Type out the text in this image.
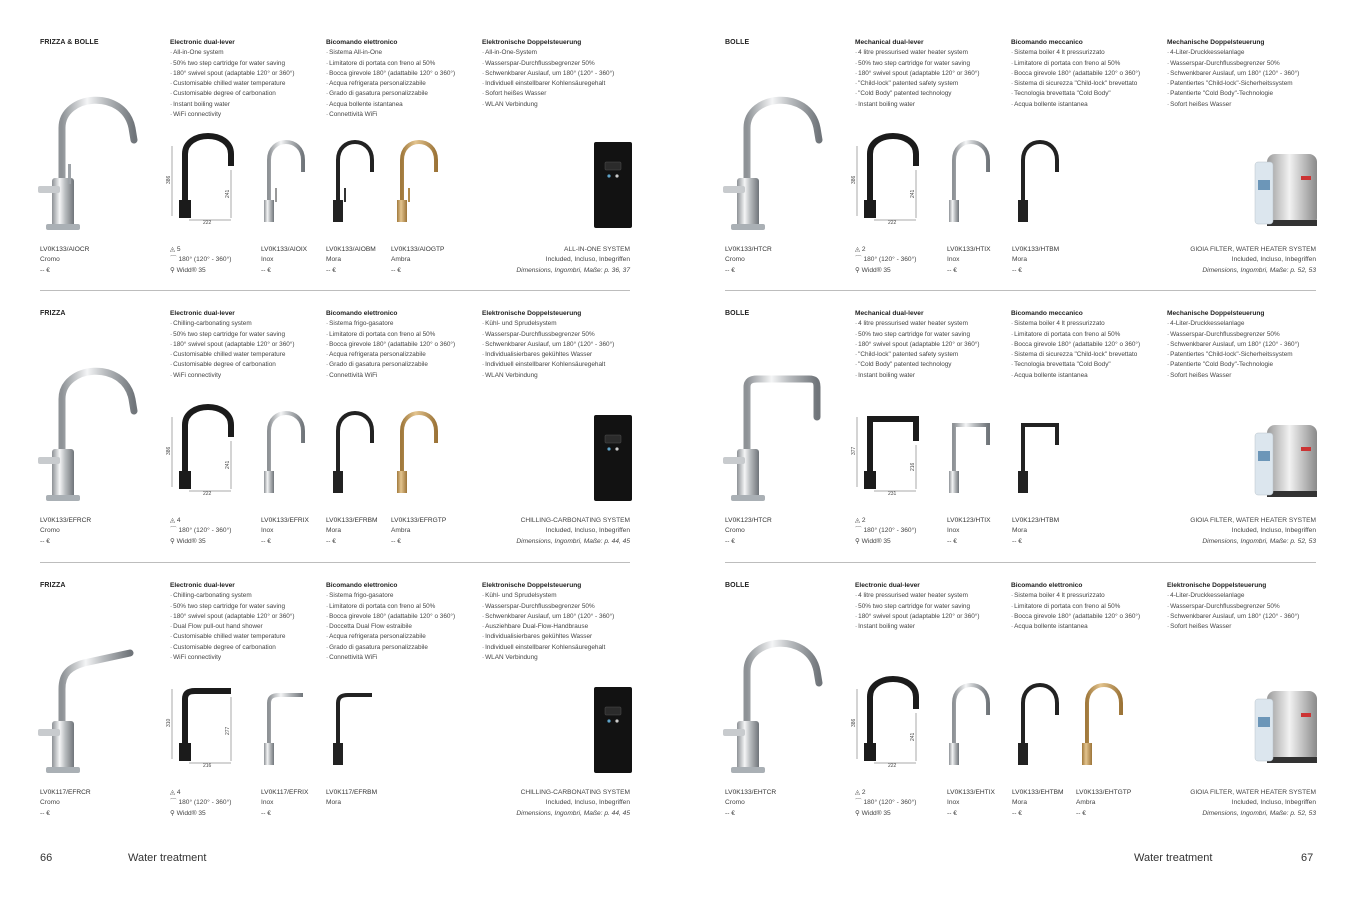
FRIZZA & BOLLE	Electronic dual-lever
· All-in-One system
· 50% two step cartridge for water saving
· 180° swivel spout (adaptable 120° or 360°)
· Customisable chilled water temperature
· Customisable degree of carbonation
· Instant boiling water
· WiFi connectivity
Bicomando elettronico
· Sistema All-in-One
· Limitatore di portata con freno al 50%
· Bocca girevole 180° (adattabile 120° o 360°)
· Acqua refrigerata personalizzabile
· Grado di gasatura personalizzabile
· Acqua bollente istantanea
· Connettività WiFi
Elektronische Doppelsteuerung
· All-in-One-System
· Wasserspar-Durchflussbegrenzer 50%
· Schwenkbarer Auslauf, um 180° (120° - 360°)
· Individuell einstellbarer Kohlensäuregehalt
· Sofort heißes Wasser
· WLAN Verbindung
386
241
222
LV0K133/AIOCR
Cromo
-- €
◬ 5
⌒ 180° (120° - 360°)
⚲ Widd® 35
LV0K133/AIOIX
Inox
-- €
LV0K133/AIOBM
Mora
-- €
LV0K133/AIOGTP
Ambra
-- €
ALL-IN-ONE SYSTEM
Included, Incluso, Inbegriffen
Dimensions, Ingombri, Maße: p. 36, 37
FRIZZA	Electronic dual-lever
· Chilling-carbonating system
· 50% two step cartridge for water saving
· 180° swivel spout (adaptable 120° or 360°)
· Customisable chilled water temperature
· Customisable degree of carbonation
· WiFi connectivity
Bicomando elettronico
· Sistema frigo-gasatore
· Limitatore di portata con freno al 50%
· Bocca girevole 180° (adattabile 120° o 360°)
· Acqua refrigerata personalizzabile
· Grado di gasatura personalizzabile
· Connettività WiFi
Elektronische Doppelsteuerung
· Kühl- und Sprudelsystem
· Wasserspar-Durchflussbegrenzer 50%
· Schwenkbarer Auslauf, um 180° (120° - 360°)
· Individualisierbares gekühltes Wasser
· Individuell einstellbarer Kohlensäuregehalt
· WLAN Verbindung
386
241
222
LV0K133/EFRCR
Cromo
-- €
◬ 4
⌒ 180° (120° - 360°)
⚲ Widd® 35
LV0K133/EFRIX
Inox
-- €
LV0K133/EFRBM
Mora
-- €
LV0K133/EFRGTP
Ambra
-- €
CHILLING-CARBONATING SYSTEM
Included, Incluso, Inbegriffen
Dimensions, Ingombri, Maße: p. 44, 45
FRIZZA	Electronic dual-lever
· Chilling-carbonating system
· 50% two step cartridge for water saving
· 180° swivel spout (adaptable 120° or 360°)
· Dual Flow pull-out hand shower
· Customisable chilled water temperature
· Customisable degree of carbonation
· WiFi connectivity
Bicomando elettronico
· Sistema frigo-gasatore
· Limitatore di portata con freno al 50%
· Bocca girevole 180° (adattabile 120° o 360°)
· Doccetta Dual Flow estraibile
· Acqua refrigerata personalizzabile
· Grado di gasatura personalizzabile
· Connettività WiFi
Elektronische Doppelsteuerung
· Kühl- und Sprudelsystem
· Wasserspar-Durchflussbegrenzer 50%
· Schwenkbarer Auslauf, um 180° (120° - 360°)
· Ausziehbare Dual-Flow-Handbrause
· Individualisierbares gekühltes Wasser
· Individuell einstellbarer Kohlensäuregehalt
· WLAN Verbindung
310
277
216
LV0K117/EFRCR
Cromo
-- €
◬ 4
⌒ 180° (120° - 360°)
⚲ Widd® 35
LV0K117/EFRIX
Inox
-- €
LV0K117/EFRBM
Mora
CHILLING-CARBONATING SYSTEM
Included, Incluso, Inbegriffen
Dimensions, Ingombri, Maße: p. 44, 45
66	Water treatment
BOLLE	Mechanical dual-lever
· 4 litre pressurised water heater system
· 50% two step cartridge for water saving
· 180° swivel spout (adaptable 120° or 360°)
· "Child-lock" patented safety system
· "Cold Body" patented technology
· Instant boiling water
Bicomando meccanico
· Sistema boiler 4 lt pressurizzato
· Limitatore di portata con freno al 50%
· Bocca girevole 180° (adattabile 120° o 360°)
· Sistema di sicurezza "Child-lock" brevettato
· Tecnologia brevettata "Cold Body"
· Acqua bollente istantanea
Mechanische Doppelsteuerung
· 4-Liter-Druckkesselanlage
· Wasserspar-Durchflussbegrenzer 50%
· Schwenkbarer Auslauf, um 180° (120° - 360°)
· Patentiertes "Child-lock"-Sicherheitssystem
· Patentierte "Cold Body"-Technologie
· Sofort heißes Wasser
386
241
222
LV0K133/HTCR
Cromo
-- €
◬ 2
⌒ 180° (120° - 360°)
⚲ Widd® 35
LV0K133/HTIX
Inox
-- €
LV0K133/HTBM
Mora
-- €
GIOIA FILTER, WATER HEATER SYSTEM
Included, Incluso, Inbegriffen
Dimensions, Ingombri, Maße: p. 52, 53
BOLLE	Mechanical dual-lever
· 4 litre pressurised water heater system
· 50% two step cartridge for water saving
· 180° swivel spout (adaptable 120° or 360°)
· "Child-lock" patented safety system
· "Cold Body" patented technology
· Instant boiling water
Bicomando meccanico
· Sistema boiler 4 lt pressurizzato
· Limitatore di portata con freno al 50%
· Bocca girevole 180° (adattabile 120° o 360°)
· Sistema di sicurezza "Child-lock" brevettato
· Tecnologia brevettata "Cold Body"
· Acqua bollente istantanea
Mechanische Doppelsteuerung
· 4-Liter-Druckkesselanlage
· Wasserspar-Durchflussbegrenzer 50%
· Schwenkbarer Auslauf, um 180° (120° - 360°)
· Patentiertes "Child-lock"-Sicherheitssystem
· Patentierte "Cold Body"-Technologie
· Sofort heißes Wasser
377
216
231
LV0K123/HTCR
Cromo
-- €
◬ 2
⌒ 180° (120° - 360°)
⚲ Widd® 35
LV0K123/HTIX
Inox
-- €
LV0K123/HTBM
Mora
-- €
GIOIA FILTER, WATER HEATER SYSTEM
Included, Incluso, Inbegriffen
Dimensions, Ingombri, Maße: p. 52, 53
BOLLE	Electronic dual-lever
· 4 litre pressurised water heater system
· 50% two step cartridge for water saving
· 180° swivel spout (adaptable 120° or 360°)
· Instant boiling water
Bicomando elettronico
· Sistema boiler 4 lt pressurizzato
· Limitatore di portata con freno al 50%
· Bocca girevole 180° (adattabile 120° o 360°)
· Acqua bollente istantanea
Elektronische Doppelsteuerung
· 4-Liter-Druckkesselanlage
· Wasserspar-Durchflussbegrenzer 50%
· Schwenkbarer Auslauf, um 180° (120° - 360°)
· Sofort heißes Wasser
386
241
222
LV0K133/EHTCR
Cromo
-- €
◬ 2
⌒ 180° (120° - 360°)
⚲ Widd® 35
LV0K133/EHTIX
Inox
-- €
LV0K133/EHTBM
Mora
-- €
LV0K133/EHTGTP
Ambra
-- €
GIOIA FILTER, WATER HEATER SYSTEM
Included, Incluso, Inbegriffen
Dimensions, Ingombri, Maße: p. 52, 53
Water treatment	67
